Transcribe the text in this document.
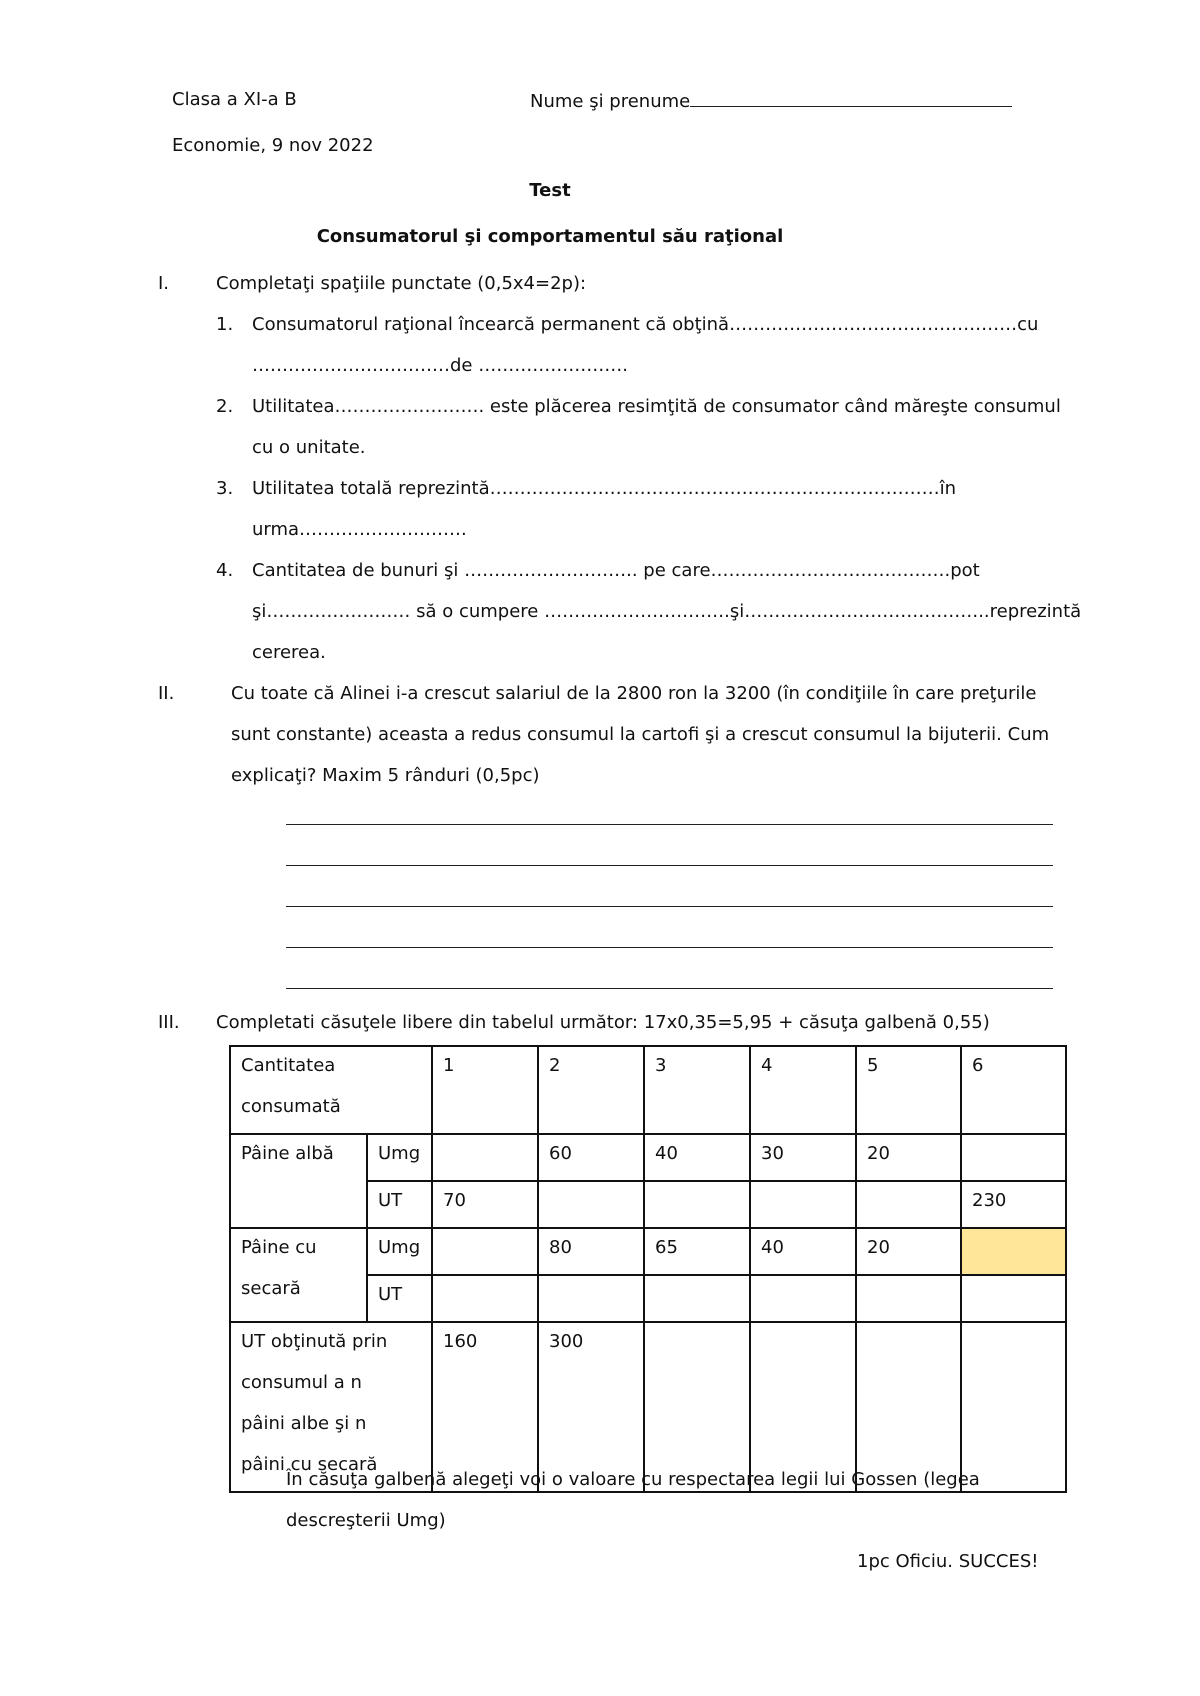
Clasa a XI-a B	Nume şi prenume
Economie, 9 nov 2022
Test
Consumatorul şi comportamentul său raţional
I.	Completaţi spaţiile punctate (0,5x4=2p):
1. Consumatorul raţional încearcă permanent că obţină…………………………………………cu
……………………………de …………………….
2. Utilitatea……………………. este plăcerea resimţită de consumator când măreşte consumul
cu o unitate.
3. Utilitatea totală reprezintă…………………………………………………………………în
urma……………………….
4. Cantitatea de bunuri şi ……………………….. pe care………………………………….pot
şi…………………… să o cumpere ………………………….şi…………………………………..reprezintă
cererea.
II.	Cu toate că Alinei i-a crescut salariul de la 2800 ron la 3200 (în condiţiile în care preţurile
sunt constante) aceasta a redus consumul la cartofi şi a crescut consumul la bijuterii. Cum
explicaţi? Maxim 5 rânduri (0,5pc)
III. Completati căsuţele libere din tabelul următor: 17x0,35=5,95 + căsuţa galbenă 0,55)
Cantitatea consumată		1	2	3	4	5	6

Pâine albă	Umg		60	40	30	20	

	UT	70					230

Pâine cu secară	Umg		80	65	40	20	

	UT						

UT obţinută prin consumul a n pâini albe şi n pâini cu secară		160	300				

În căsuţa galbenă alegeţi voi o valoare cu respectarea legii lui Gossen (legea
descreşterii Umg)
1pc Oficiu. SUCCES!
